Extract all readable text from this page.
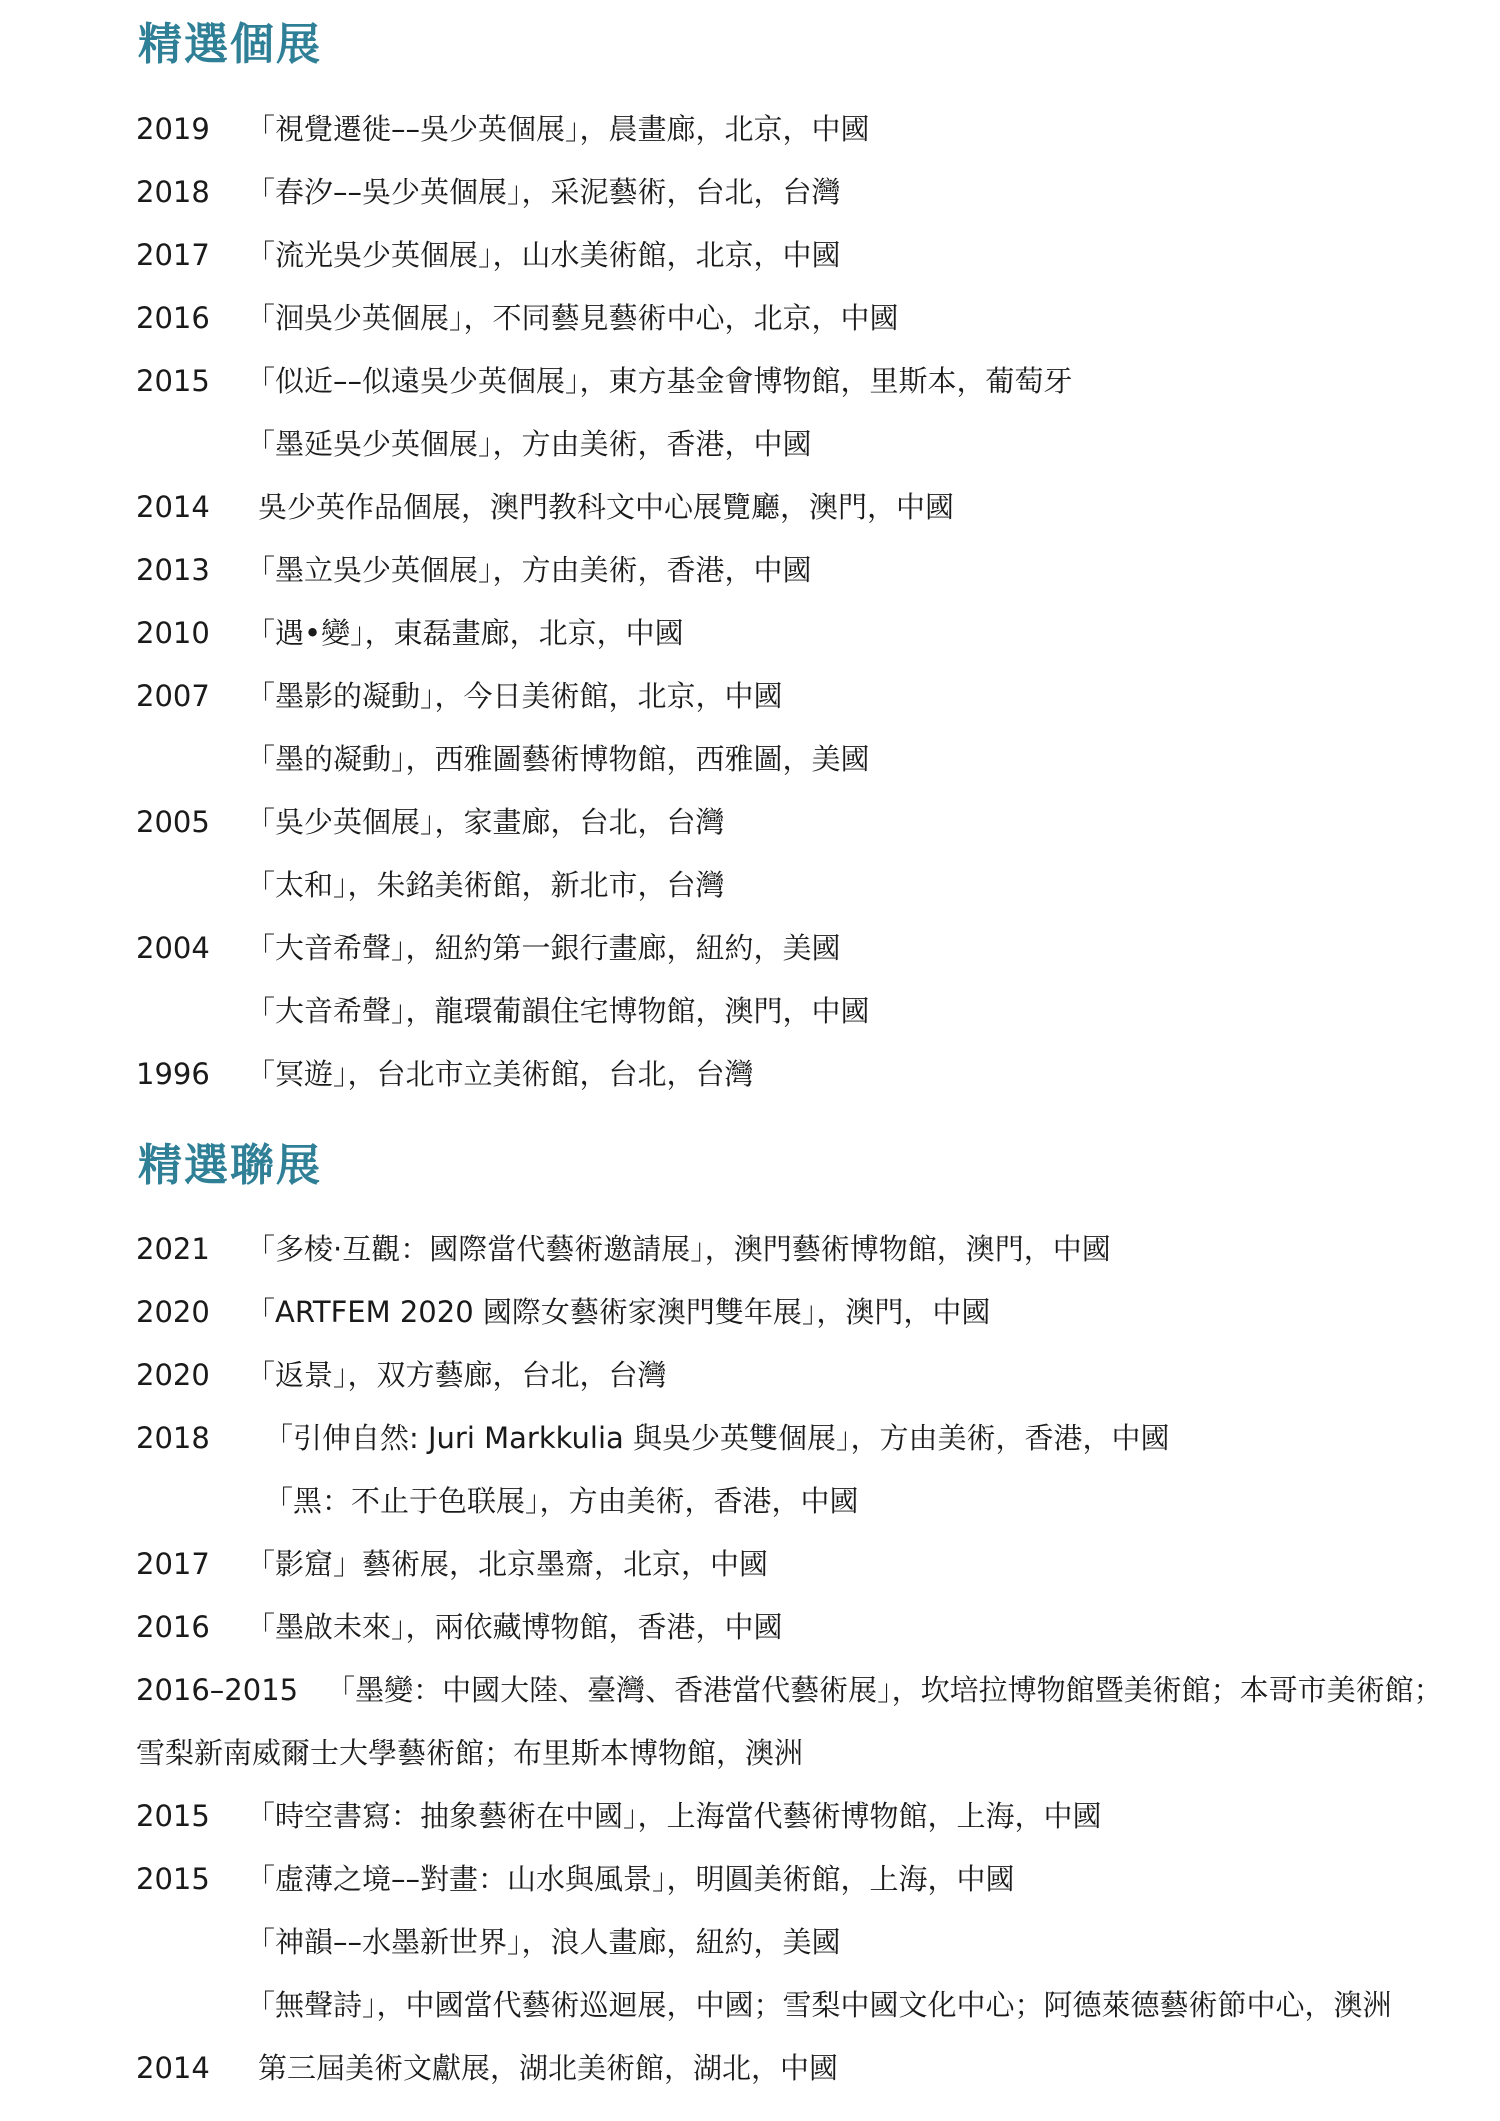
精選個展
2019 「視覺遷徙––吳少英個展」，晨畫廊，北京，中國
2018 「春汐––吳少英個展」，采泥藝術，台北，台灣
2017 「流光吳少英個展」，山水美術館，北京，中國
2016 「洄吳少英個展」，不同藝見藝術中心，北京，中國
2015 「似近––似遠吳少英個展」，東方基金會博物館，里斯本，葡萄牙
「墨延吳少英個展」，方由美術，香港，中國
2014 吳少英作品個展，澳門教科文中心展覽廳，澳門，中國
2013 「墨立吳少英個展」，方由美術，香港，中國
2010 「遇•變」，東磊畫廊，北京，中國
2007 「墨影的凝動」，今日美術館，北京，中國
「墨的凝動」，西雅圖藝術博物館，西雅圖，美國
2005 「吳少英個展」，家畫廊，台北，台灣
「太和」，朱銘美術館，新北市，台灣
2004 「大音希聲」，紐約第一銀行畫廊，紐約，美國
「大音希聲」，龍環葡韻住宅博物館，澳門，中國
1996 「冥遊」，台北市立美術館，台北，台灣
精選聯展
2021 「多棱·互觀：國際當代藝術邀請展」，澳門藝術博物館，澳門，中國
2020 「ARTFEM 2020 國際女藝術家澳門雙年展」，澳門，中國
2020 「返景」，双方藝廊，台北，台灣
2018 「引伸自然: Juri Markkulia 與吳少英雙個展」，方由美術，香港，中國
「黑：不止于色联展」，方由美術，香港，中國
2017 「影窟」藝術展，北京墨齋，北京，中國
2016 「墨啟未來」，兩依藏博物館，香港，中國
2016–2015 「墨變：中國大陸、臺灣、香港當代藝術展」，坎培拉博物館暨美術館；本哥市美術館；雪梨新南威爾士大學藝術館；布里斯本博物館，澳洲
2015 「時空書寫：抽象藝術在中國」，上海當代藝術博物館，上海，中國
2015 「虛薄之境––對畫：山水與風景」，明圓美術館，上海，中國
「神韻––水墨新世界」，浪人畫廊，紐約，美國
「無聲詩」，中國當代藝術巡迴展，中國；雪梨中國文化中心；阿德萊德藝術節中心，澳洲
2014 第三屆美術文獻展，湖北美術館，湖北，中國
